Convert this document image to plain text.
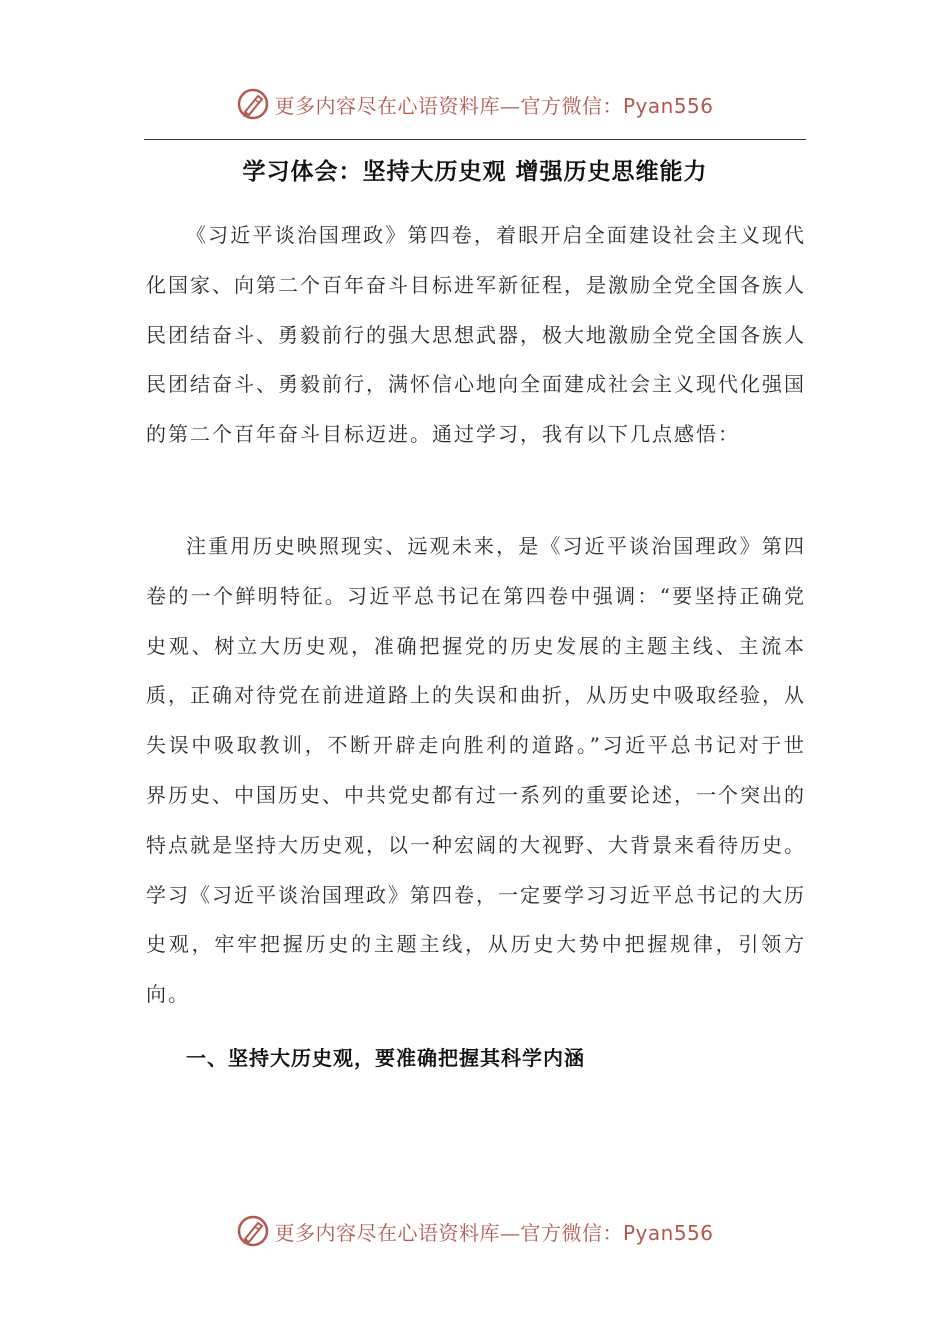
更多内容尽在心语资料库—官方微信：Pyan556
学习体会：坚持大历史观 增强历史思维能力

《习近平谈治国理政》第四卷，着眼开启全面建设社会主义现代化国家、向第二个百年奋斗目标进军新征程，是激励全党全国各族人民团结奋斗、勇毅前行的强大思想武器，极大地激励全党全国各族人民团结奋斗、勇毅前行，满怀信心地向全面建成社会主义现代化强国的第二个百年奋斗目标迈进。通过学习，我有以下几点感悟：

注重用历史映照现实、远观未来，是《习近平谈治国理政》第四卷的一个鲜明特征。习近平总书记在第四卷中强调：“要坚持正确党史观、树立大历史观，准确把握党的历史发展的主题主线、主流本质，正确对待党在前进道路上的失误和曲折，从历史中吸取经验，从失误中吸取教训，不断开辟走向胜利的道路。”习近平总书记对于世界历史、中国历史、中共党史都有过一系列的重要论述，一个突出的特点就是坚持大历史观，以一种宏阔的大视野、大背景来看待历史。学习《习近平谈治国理政》第四卷，一定要学习习近平总书记的大历史观，牢牢把握历史的主题主线，从历史大势中把握规律，引领方向。

一、坚持大历史观，要准确把握其科学内涵
更多内容尽在心语资料库—官方微信：Pyan556
